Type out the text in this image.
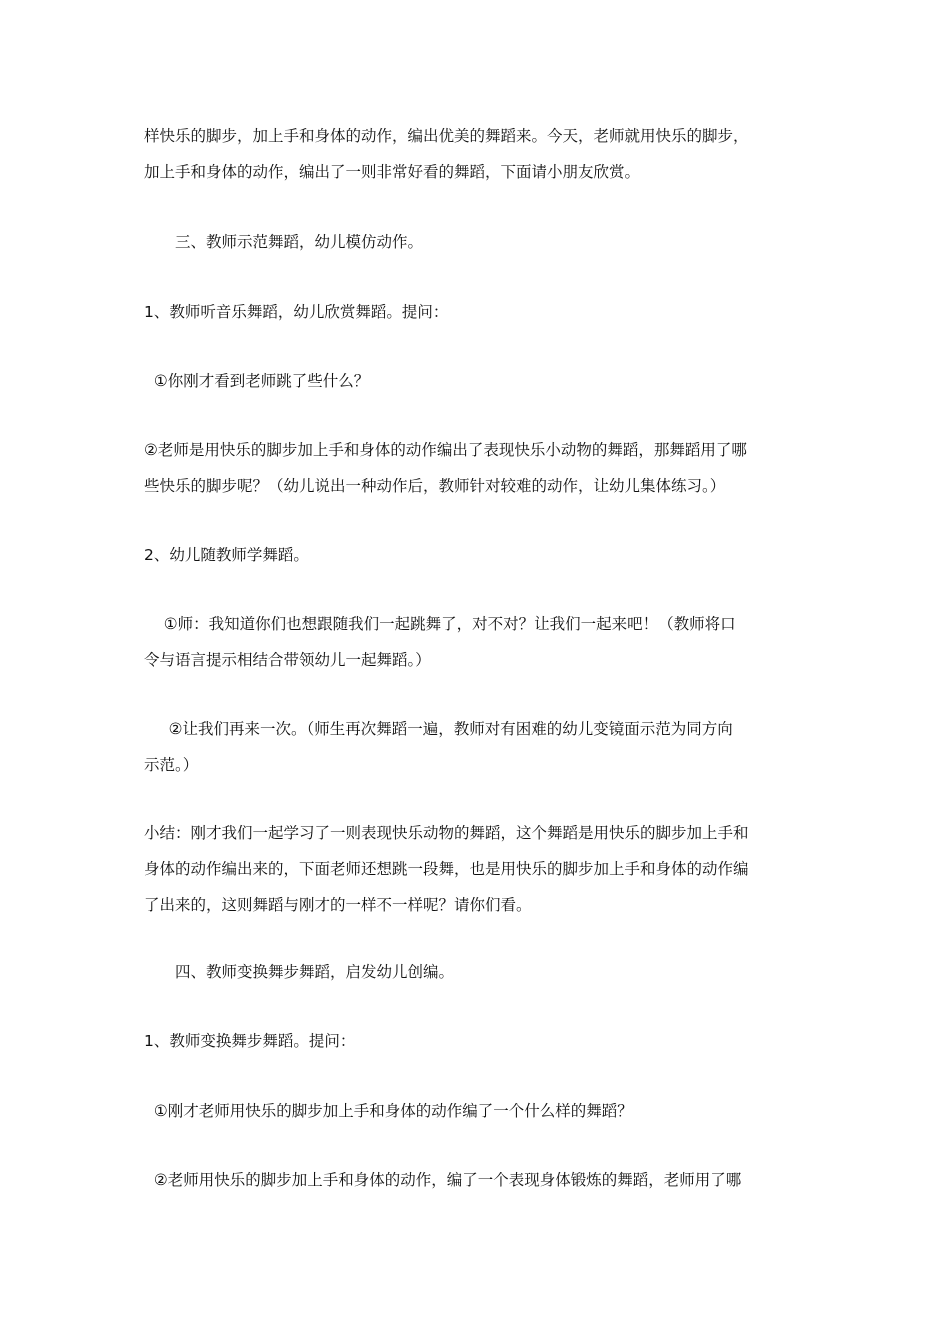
样快乐的脚步，加上手和身体的动作，编出优美的舞蹈来。今天，老师就用快乐的脚步，
加上手和身体的动作，编出了一则非常好看的舞蹈，下面请小朋友欣赏。

　　三、教师示范舞蹈，幼儿模仿动作。

1、教师听音乐舞蹈，幼儿欣赏舞蹈。提问：

①你刚才看到老师跳了些什么？

②老师是用快乐的脚步加上手和身体的动作编出了表现快乐小动物的舞蹈，那舞蹈用了哪
些快乐的脚步呢？（幼儿说出一种动作后，教师针对较难的动作，让幼儿集体练习。）

2、幼儿随教师学舞蹈。

①师：我知道你们也想跟随我们一起跳舞了，对不对？让我们一起来吧！（教师将口
令与语言提示相结合带领幼儿一起舞蹈。）

②让我们再来一次。（师生再次舞蹈一遍，教师对有困难的幼儿变镜面示范为同方向
示范。）

小结：刚才我们一起学习了一则表现快乐动物的舞蹈，这个舞蹈是用快乐的脚步加上手和
身体的动作编出来的，下面老师还想跳一段舞，也是用快乐的脚步加上手和身体的动作编
了出来的，这则舞蹈与刚才的一样不一样呢？请你们看。

　　四、教师变换舞步舞蹈，启发幼儿创编。

1、教师变换舞步舞蹈。提问：

①刚才老师用快乐的脚步加上手和身体的动作编了一个什么样的舞蹈？

②老师用快乐的脚步加上手和身体的动作，编了一个表现身体锻炼的舞蹈，老师用了哪
